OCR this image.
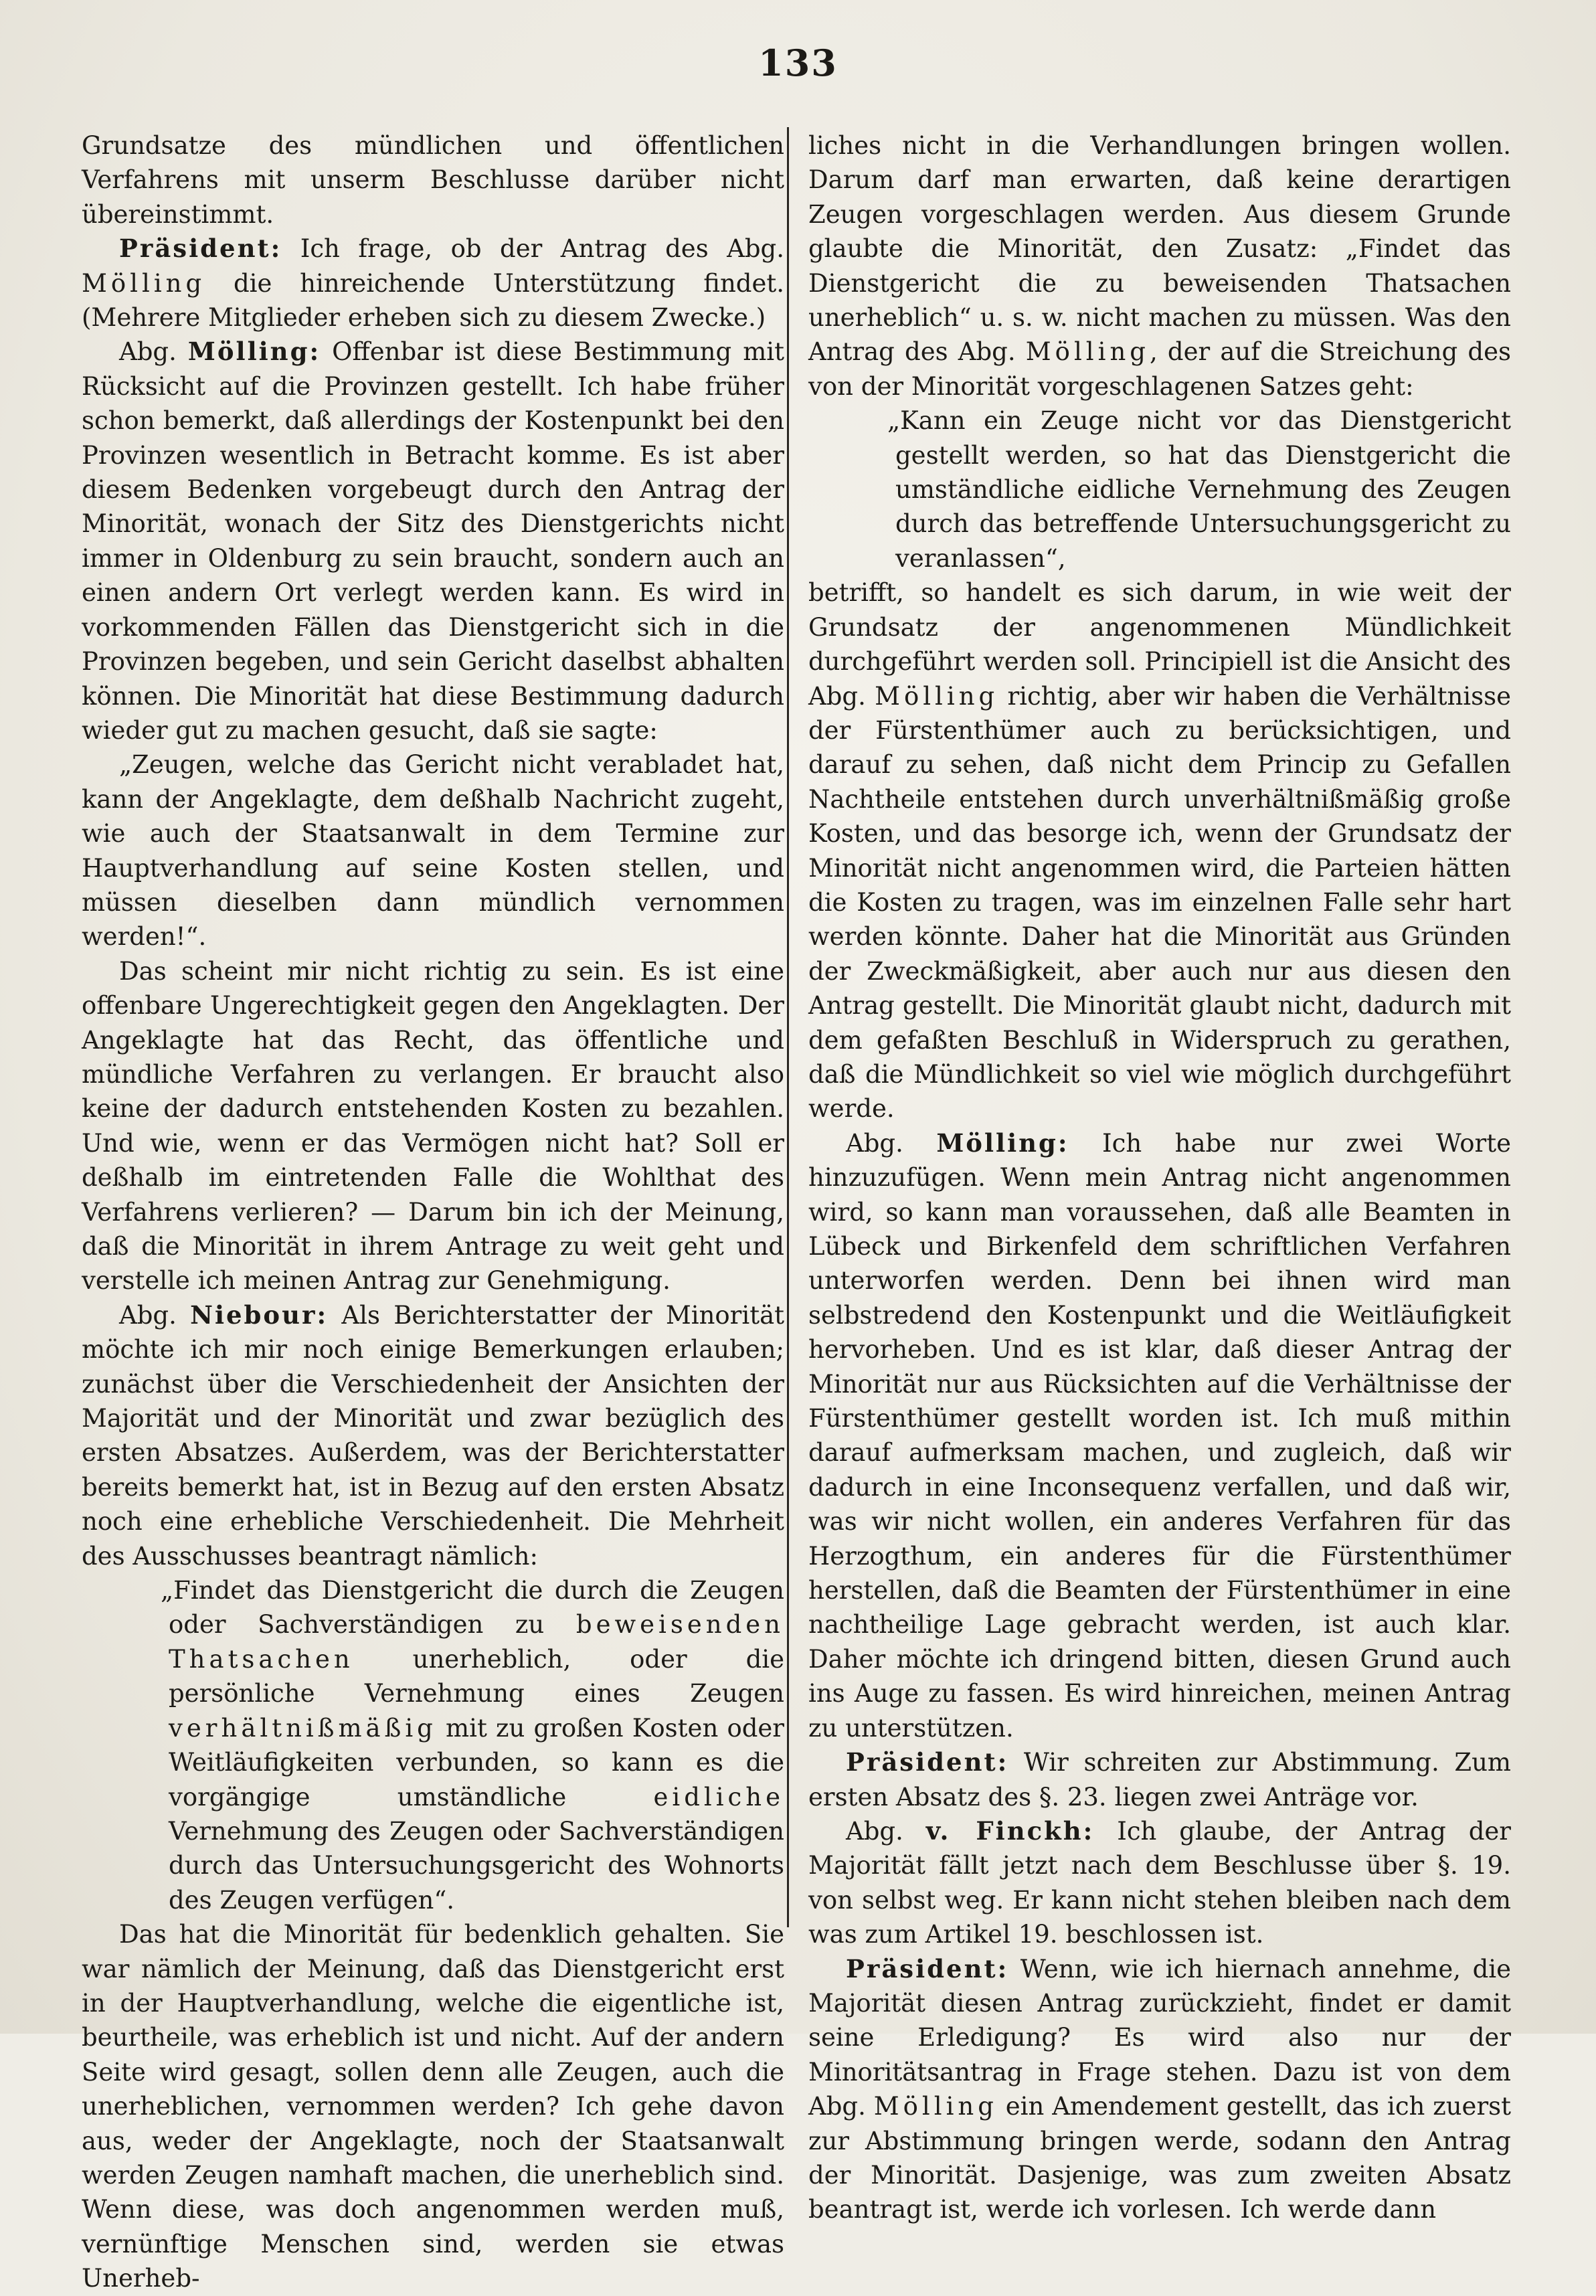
133

Grundsatze des mündlichen und öffentlichen Verfahrens mit unserm Beschlusse darüber nicht übereinstimmt.

Präsident: Ich frage, ob der Antrag des Abg. Mölling die hinreichende Unterstützung findet. (Mehrere Mitglieder erheben sich zu diesem Zwecke.)

Abg. Mölling: Offenbar ist diese Bestimmung mit Rücksicht auf die Provinzen gestellt. Ich habe früher schon bemerkt, daß allerdings der Kostenpunkt bei den Provinzen wesentlich in Betracht komme. Es ist aber diesem Bedenken vorgebeugt durch den Antrag der Minorität, wonach der Sitz des Dienstgerichts nicht immer in Oldenburg zu sein braucht, sondern auch an einen andern Ort verlegt werden kann. Es wird in vorkommenden Fällen das Dienstgericht sich in die Provinzen begeben, und sein Gericht daselbst abhalten können. Die Minorität hat diese Bestimmung dadurch wieder gut zu machen gesucht, daß sie sagte:

„Zeugen, welche das Gericht nicht verabladet hat, kann der Angeklagte, dem deßhalb Nachricht zugeht, wie auch der Staatsanwalt in dem Termine zur Hauptverhandlung auf seine Kosten stellen, und müssen dieselben dann mündlich vernommen werden!“.

Das scheint mir nicht richtig zu sein. Es ist eine offenbare Ungerechtigkeit gegen den Angeklagten. Der Angeklagte hat das Recht, das öffentliche und mündliche Verfahren zu verlangen. Er braucht also keine der dadurch entstehenden Kosten zu bezahlen. Und wie, wenn er das Vermögen nicht hat? Soll er deßhalb im eintretenden Falle die Wohlthat des Verfahrens verlieren? — Darum bin ich der Meinung, daß die Minorität in ihrem Antrage zu weit geht und verstelle ich meinen Antrag zur Genehmigung.

Abg. Niebour: Als Berichterstatter der Minorität möchte ich mir noch einige Bemerkungen erlauben; zunächst über die Verschiedenheit der Ansichten der Majorität und der Minorität und zwar bezüglich des ersten Absatzes. Außerdem, was der Berichterstatter bereits bemerkt hat, ist in Bezug auf den ersten Absatz noch eine erhebliche Verschiedenheit. Die Mehrheit des Ausschusses beantragt nämlich:

„Findet das Dienstgericht die durch die Zeugen oder Sachverständigen zu beweisenden Thatsachen unerheblich, oder die persönliche Vernehmung eines Zeugen verhältnißmäßig mit zu großen Kosten oder Weitläufigkeiten verbunden, so kann es die vorgängige umständliche eidliche Vernehmung des Zeugen oder Sachverständigen durch das Untersuchungsgericht des Wohnorts des Zeugen verfügen“.

Das hat die Minorität für bedenklich gehalten. Sie war nämlich der Meinung, daß das Dienstgericht erst in der Hauptverhandlung, welche die eigentliche ist, beurtheile, was erheblich ist und nicht. Auf der andern Seite wird gesagt, sollen denn alle Zeugen, auch die unerheblichen, vernommen werden? Ich gehe davon aus, weder der Angeklagte, noch der Staatsanwalt werden Zeugen namhaft machen, die unerheblich sind. Wenn diese, was doch angenommen werden muß, vernünftige Menschen sind, werden sie etwas Unerheb-

liches nicht in die Verhandlungen bringen wollen. Darum darf man erwarten, daß keine derartigen Zeugen vorgeschlagen werden. Aus diesem Grunde glaubte die Minorität, den Zusatz: „Findet das Dienstgericht die zu beweisenden Thatsachen unerheblich“ u. s. w. nicht machen zu müssen. Was den Antrag des Abg. Mölling, der auf die Streichung des von der Minorität vorgeschlagenen Satzes geht:

„Kann ein Zeuge nicht vor das Dienstgericht gestellt werden, so hat das Dienstgericht die umständliche eidliche Vernehmung des Zeugen durch das betreffende Untersuchungsgericht zu veranlassen“,

betrifft, so handelt es sich darum, in wie weit der Grundsatz der angenommenen Mündlichkeit durchgeführt werden soll. Principiell ist die Ansicht des Abg. Mölling richtig, aber wir haben die Verhältnisse der Fürstenthümer auch zu berücksichtigen, und darauf zu sehen, daß nicht dem Princip zu Gefallen Nachtheile entstehen durch unverhältnißmäßig große Kosten, und das besorge ich, wenn der Grundsatz der Minorität nicht angenommen wird, die Parteien hätten die Kosten zu tragen, was im einzelnen Falle sehr hart werden könnte. Daher hat die Minorität aus Gründen der Zweckmäßigkeit, aber auch nur aus diesen den Antrag gestellt. Die Minorität glaubt nicht, dadurch mit dem gefaßten Beschluß in Widerspruch zu gerathen, daß die Mündlichkeit so viel wie möglich durchgeführt werde.

Abg. Mölling: Ich habe nur zwei Worte hinzuzufügen. Wenn mein Antrag nicht angenommen wird, so kann man voraussehen, daß alle Beamten in Lübeck und Birkenfeld dem schriftlichen Verfahren unterworfen werden. Denn bei ihnen wird man selbstredend den Kostenpunkt und die Weitläufigkeit hervorheben. Und es ist klar, daß dieser Antrag der Minorität nur aus Rücksichten auf die Verhältnisse der Fürstenthümer gestellt worden ist. Ich muß mithin darauf aufmerksam machen, und zugleich, daß wir dadurch in eine Inconsequenz verfallen, und daß wir, was wir nicht wollen, ein anderes Verfahren für das Herzogthum, ein anderes für die Fürstenthümer herstellen, daß die Beamten der Fürstenthümer in eine nachtheilige Lage gebracht werden, ist auch klar. Daher möchte ich dringend bitten, diesen Grund auch ins Auge zu fassen. Es wird hinreichen, meinen Antrag zu unterstützen.

Präsident: Wir schreiten zur Abstimmung. Zum ersten Absatz des §. 23. liegen zwei Anträge vor.

Abg. v. Finckh: Ich glaube, der Antrag der Majorität fällt jetzt nach dem Beschlusse über §. 19. von selbst weg. Er kann nicht stehen bleiben nach dem was zum Artikel 19. beschlossen ist.

Präsident: Wenn, wie ich hiernach annehme, die Majorität diesen Antrag zurückzieht, findet er damit seine Erledigung? Es wird also nur der Minoritätsantrag in Frage stehen. Dazu ist von dem Abg. Mölling ein Amendement gestellt, das ich zuerst zur Abstimmung bringen werde, sodann den Antrag der Minorität. Dasjenige, was zum zweiten Absatz beantragt ist, werde ich vorlesen. Ich werde dann
